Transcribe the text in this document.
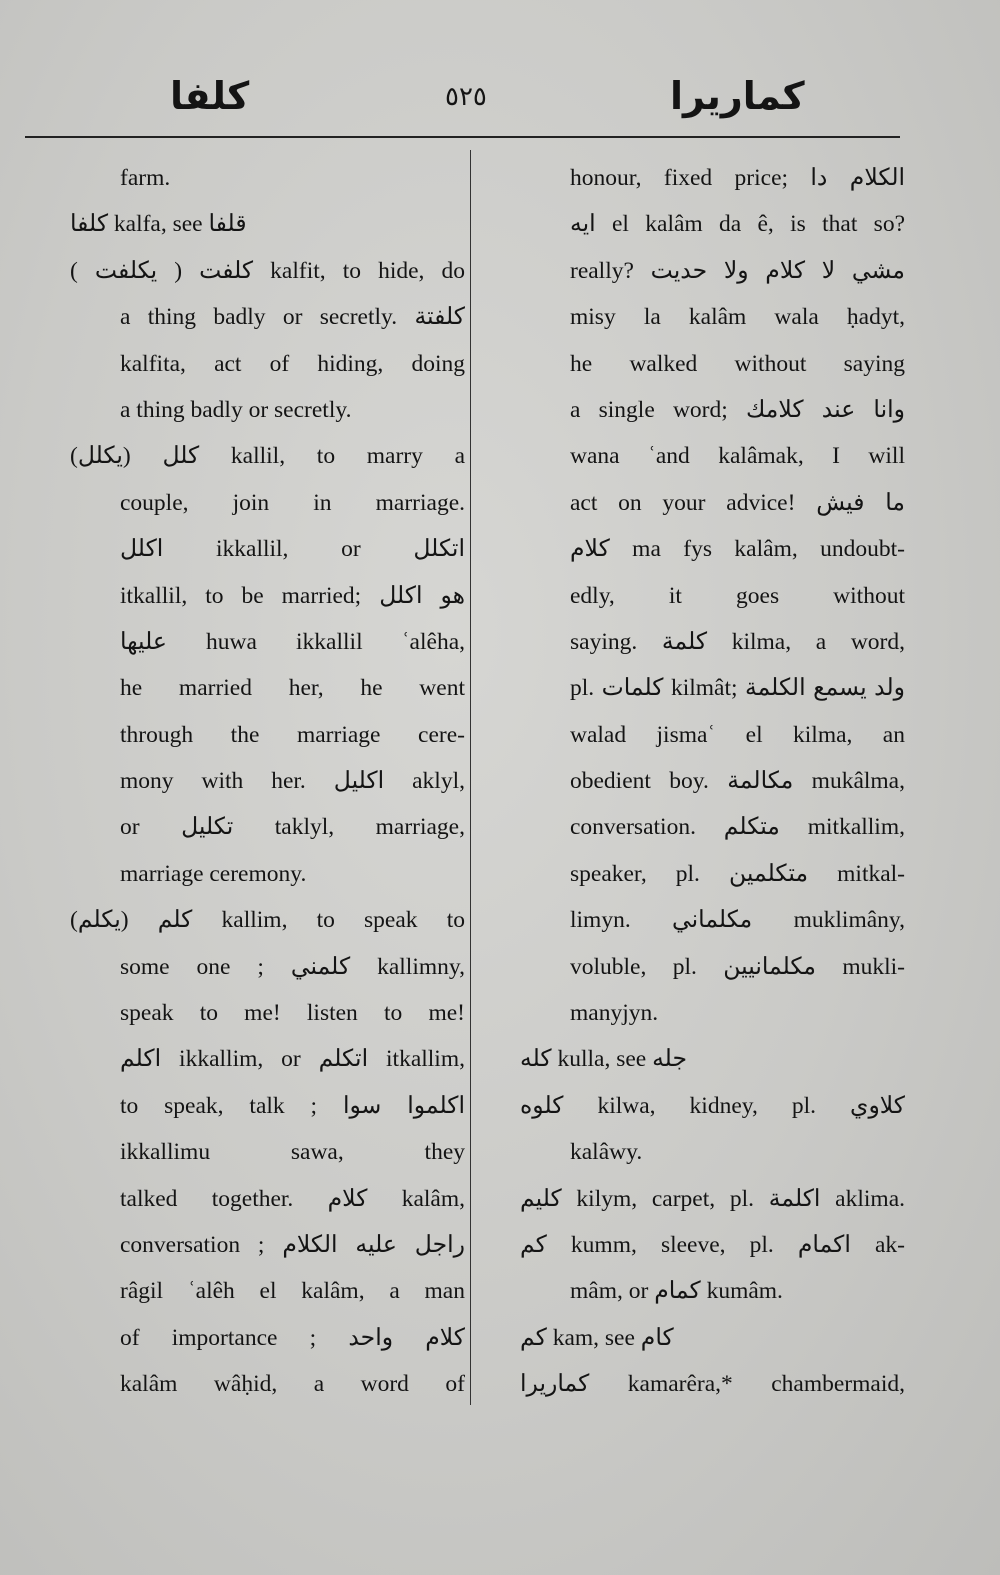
كلفا	٥٢٥	كماريرا
farm.
كلفا kalfa, see قلفا
كلفت ( يكلفت ) kalfit, to hide, do
a thing badly or secretly. كلفتة
kalfita, act of hiding, doing
a thing badly or secretly.
كلل (يكلل) kallil, to marry a
couple, join in marriage.
اكلل ikkallil, or اتكلل
itkallil, to be married; هو اكلل
عليها huwa ikkallil ʿalêha,
he married her, he went
through the marriage cere-
mony with her. اكليل aklyl,
or تكليل taklyl, marriage,
marriage ceremony.
كلم (يكلم) kallim, to speak to
some one ; كلمني kallimny,
speak to me! listen to me!
اكلم ikkallim, or اتكلم itkallim,
to speak, talk ; اكلموا سوا
ikkallimu sawa, they
talked together. كلام kalâm,
conversation ; راجل عليه الكلام
râgil ʿalêh el kalâm, a man
of importance ; كلام واحد
kalâm wâḥid, a word of
honour, fixed price; الكلام دا
ايه el kalâm da ê, is that so?
really? مشي لا كلام ولا حديت
misy la kalâm wala ḥadyt,
he walked without saying
a single word; وانا عند كلامك
wana ʿand kalâmak, I will
act on your advice! ما فيش
كلام ma fys kalâm, undoubt-
edly, it goes without
saying. كلمة kilma, a word,
pl. كلمات kilmât; ولد يسمع الكلمة
walad jismaʿ el kilma, an
obedient boy. مكالمة mukâlma,
conversation. متكلم mitkallim,
speaker, pl. متكلمين mitkal-
limyn. مكلماني muklimâny,
voluble, pl. مكلمانيين mukli-
manyjyn.
كله kulla, see جله
كلوه kilwa, kidney, pl. كلاوي
kalâwy.
كليم kilym, carpet, pl. اكلمة aklima.
كم kumm, sleeve, pl. اكمام ak-
mâm, or كمام kumâm.
كم kam, see كام
كماريرا kamarêra,* chambermaid,
